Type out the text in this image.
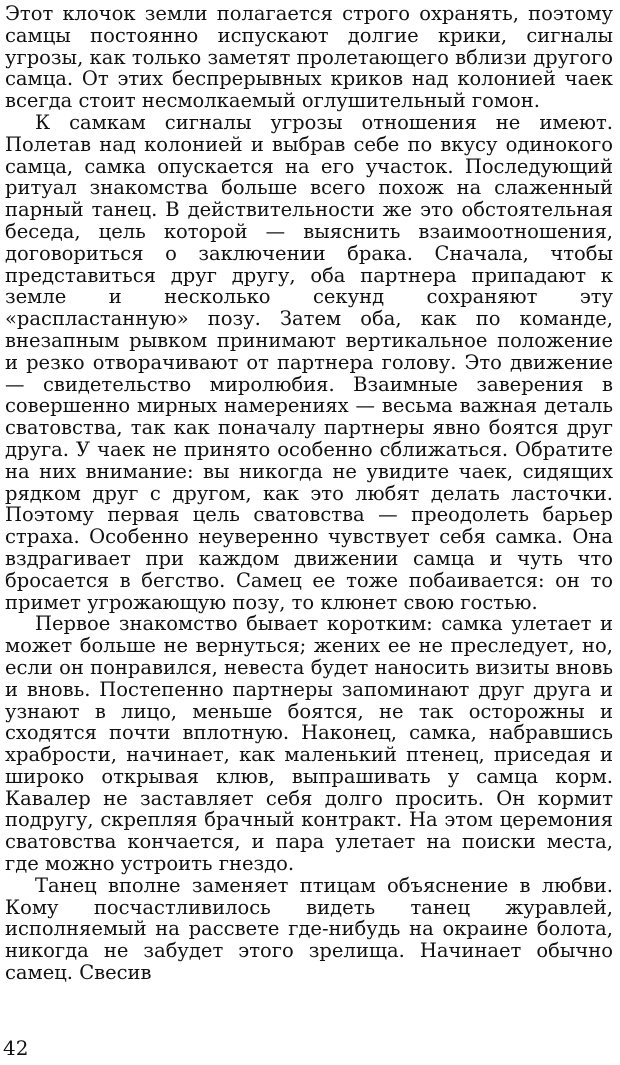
Этот клочок земли полагается строго охранять, поэтому самцы постоянно испускают долгие крики, сигналы угрозы, как только заметят пролетающего вблизи другого самца. От этих беспрерывных криков над колонией чаек всегда стоит несмолкаемый оглушительный гомон.

К самкам сигналы угрозы отношения не имеют. Полетав над колонией и выбрав себе по вкусу одинокого самца, самка опускается на его участок. Последующий ритуал знакомства больше всего похож на слаженный парный танец. В действительности же это обстоятельная беседа, цель которой — выяснить взаимоотношения, договориться о заключении брака. Сначала, чтобы представиться друг другу, оба партнера припадают к земле и несколько секунд сохраняют эту «распластанную» позу. Затем оба, как по команде, внезапным рывком принимают вертикальное положение и резко отворачивают от партнера голову. Это движение — свидетельство миролюбия. Взаимные заверения в совершенно мирных намерениях — весьма важная деталь сватовства, так как поначалу партнеры явно боятся друг друга. У чаек не принято особенно сближаться. Обратите на них внимание: вы никогда не увидите чаек, сидящих рядком друг с другом, как это любят делать ласточки. Поэтому первая цель сватовства — преодолеть барьер страха. Особенно неуверенно чувствует себя самка. Она вздрагивает при каждом движении самца и чуть что бросается в бегство. Самец ее тоже побаивается: он то примет угрожающую позу, то клюнет свою гостью.

Первое знакомство бывает коротким: самка улетает и может больше не вернуться; жених ее не преследует, но, если он понравился, невеста будет наносить визиты вновь и вновь. Постепенно партнеры запоминают друг друга и узнают в лицо, меньше боятся, не так осторожны и сходятся почти вплотную. Наконец, самка, набравшись храбрости, начинает, как маленький птенец, приседая и широко открывая клюв, выпрашивать у самца корм. Кавалер не заставляет себя долго просить. Он кормит подругу, скрепляя брачный контракт. На этом церемония сватовства кончается, и пара улетает на поиски места, где можно устроить гнездо.

Танец вполне заменяет птицам объяснение в любви. Кому посчастливилось видеть танец журавлей, исполняемый на рассвете где-нибудь на окраине болота, никогда не забудет этого зрелища. Начинает обычно самец. Свесив

42
